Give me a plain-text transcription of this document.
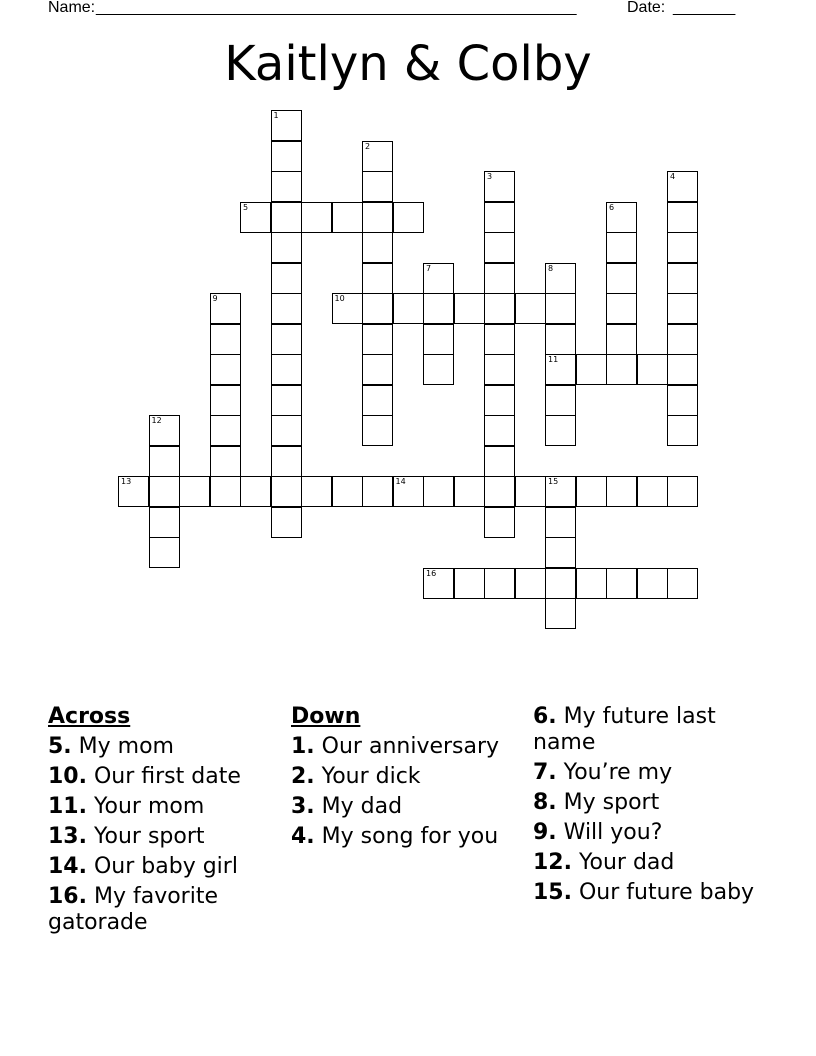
Name: ______________________________________________________	Date: _______
Kaitlyn & Colby
1
2
3	4
6
7	8
11
9
12
15
5
10
13	14
16
Across
5. My mom
10. Our first date
11. Your mom
13. Your sport
14. Our baby girl
16. My favorite gatorade
Down
1. Our anniversary
2. Your dick
3. My dad
4. My song for you
6. My future last name
7. You’re my
8. My sport
9. Will you?
12. Your dad
15. Our future baby
